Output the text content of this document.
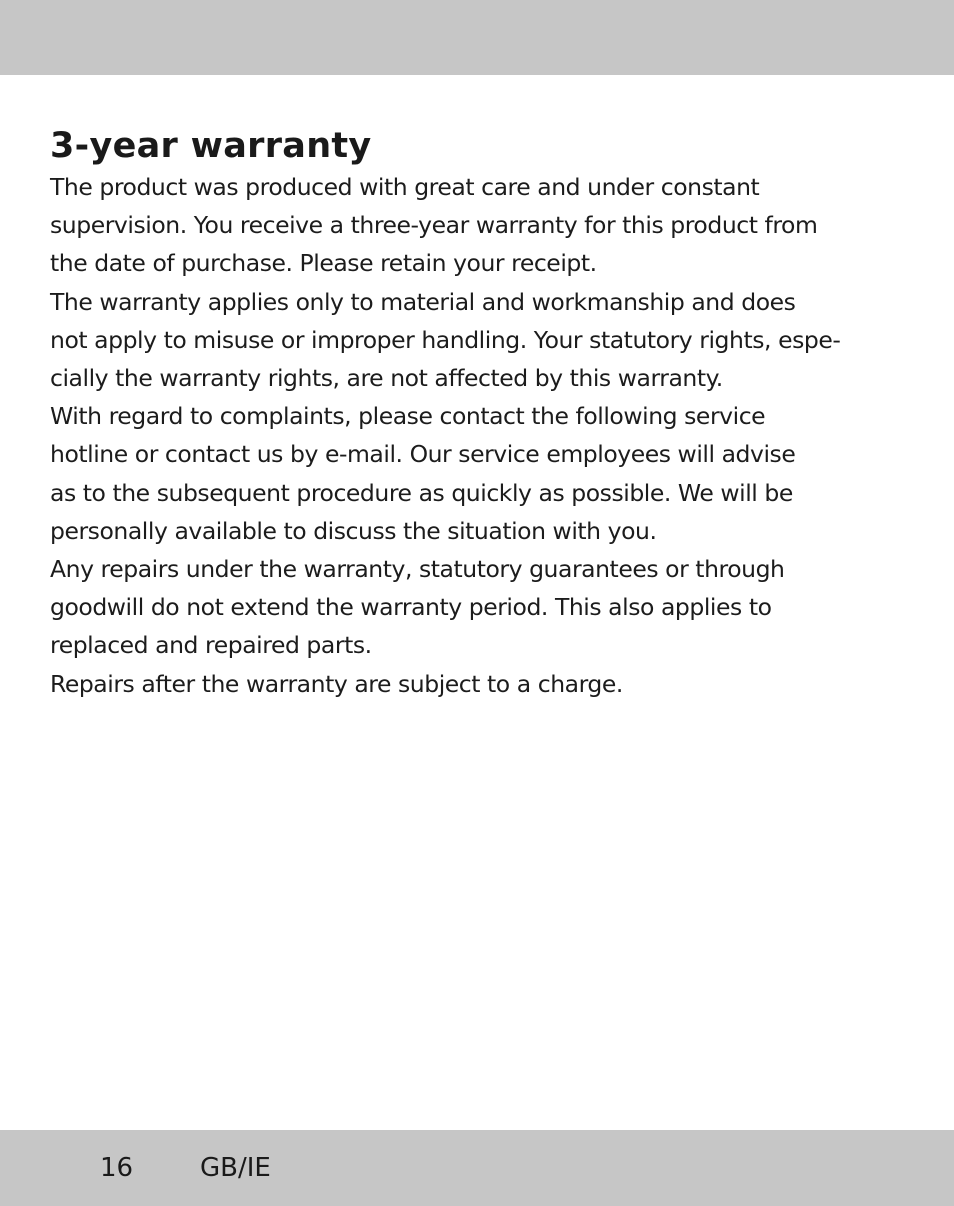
3-year warranty
The product was produced with great care and under constant
supervision. You receive a three-year warranty for this product from
the date of purchase. Please retain your receipt.
The warranty applies only to material and workmanship and does
not apply to misuse or improper handling. Your statutory rights, espe-
cially the warranty rights, are not affected by this warranty.
With regard to complaints, please contact the following service
hotline or contact us by e-mail. Our service employees will advise
as to the subsequent procedure as quickly as possible. We will be
personally available to discuss the situation with you.
Any repairs under the warranty, statutory guarantees or through
goodwill do not extend the warranty period. This also applies to
replaced and repaired parts.
Repairs after the warranty are subject to a charge.
16	GB/IE
